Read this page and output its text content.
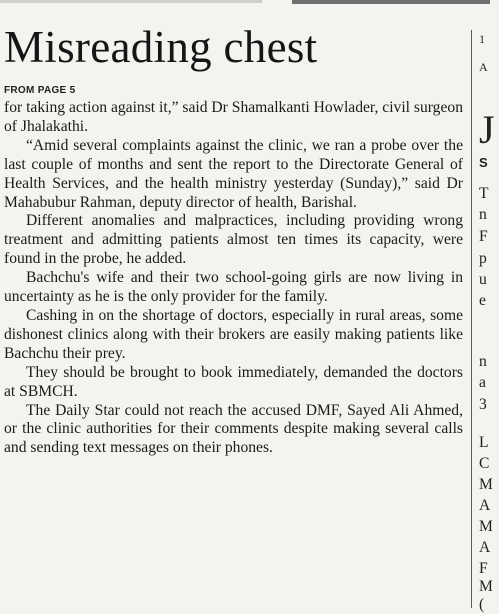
Misreading chest
FROM PAGE 5

for taking action against it,” said Dr Shamalkanti Howlader, civil surgeon of Jhalakathi.

“Amid several complaints against the clinic, we ran a probe over the last couple of months and sent the report to the Directorate General of Health Services, and the health ministry yesterday (Sunday),” said Dr Mahabubur Rahman, deputy director of health, Barishal.

Different anomalies and malpractices, including providing wrong treatment and admitting patients almost ten times its capacity, were found in the probe, he added.

Bachchu's wife and their two school-going girls are now living in uncertainty as he is the only provider for the family.

Cashing in on the shortage of doctors, especially in rural areas, some dishonest clinics along with their brokers are easily making patients like Bachchu their prey.

They should be brought to book immediately, demanded the doctors at SBMCH.

The Daily Star could not reach the accused DMF, Sayed Ali Ahmed, or the clinic authorities for their comments despite making several calls and sending text messages on their phones.

1
A
J
S
T
n
F
p
u
e
n
a
3
L
C
M
A
M
A
F
M
(
